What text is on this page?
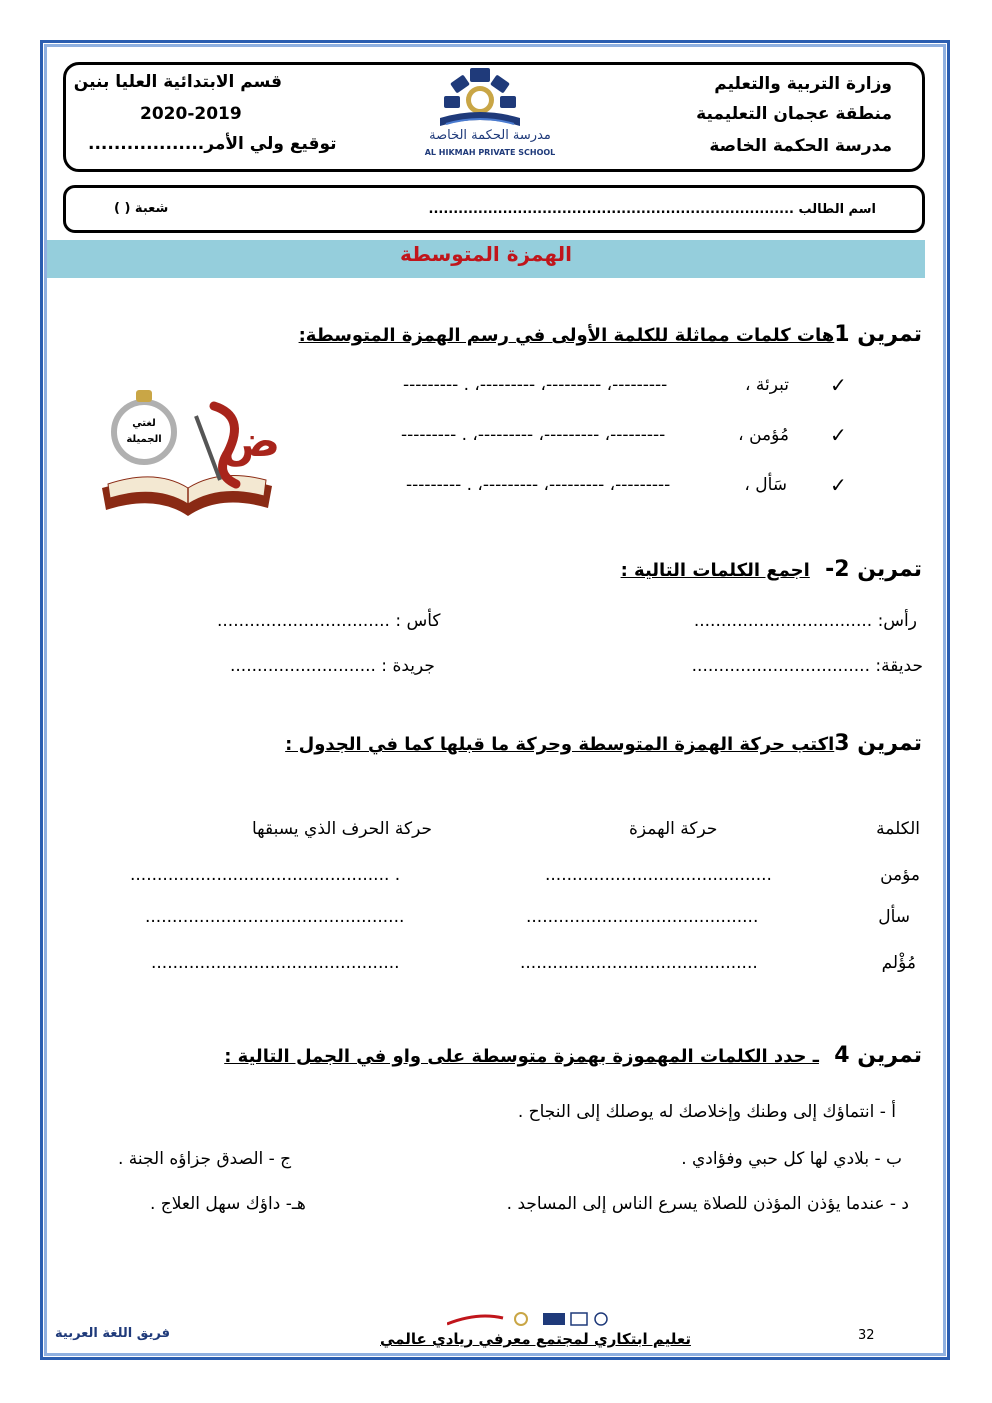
وزارة التربية والتعليم
منطقة عجمان التعليمية
مدرسة الحكمة الخاصة
قسم الابتدائية العليا بنين
2020-2019
توقيع ولي الأمر..................	مدرسة الحكمة الخاصة
AL HIKMAH PRIVATE SCHOOL
اسم الطالب ..........................................................................
شعبة ( )
الهمزة المتوسطة
تمرين 1هات كلمات مماثلة للكلمة الأولى في رسم الهمزة المتوسطة:
✓
تبرئة ،
---------، ---------، ---------، . ---------
✓
مُؤمن ،
---------، ---------، ---------، . ---------
✓
سَأل ،
---------، ---------، ---------، . ---------
لغتي
الجميلة ض
تمرين 2-  اجمع الكلمات التالية :
رأس: .................................
كأس : ................................
حديقة: .................................
جريدة : ...........................
تمرين 3اكتب حركة الهمزة المتوسطة وحركة ما قبلها كما في الجدول :
الكلمة
حركة الهمزة
حركة الحرف الذي يسبقها
مؤمن
..........................................
. ................................................
سأل
...........................................
................................................
مُؤْلم
............................................
..............................................
تمرين 4  ـ حدد الكلمات المهموزة بهمزة متوسطة على واو في الجمل التالية :
أ - انتماؤك إلى وطنك وإخلاصك له يوصلك إلى النجاح .
ب - بلادي لها كل حبي وفؤادي .
ج - الصدق جزاؤه الجنة .
د - عندما يؤذن المؤذن للصلاة يسرع الناس إلى المساجد .
هـ- داؤك سهل العلاج .
32
تعليم ابتكاري لمجتمع معرفي ريادي عالمي
فريق اللغة العربية
